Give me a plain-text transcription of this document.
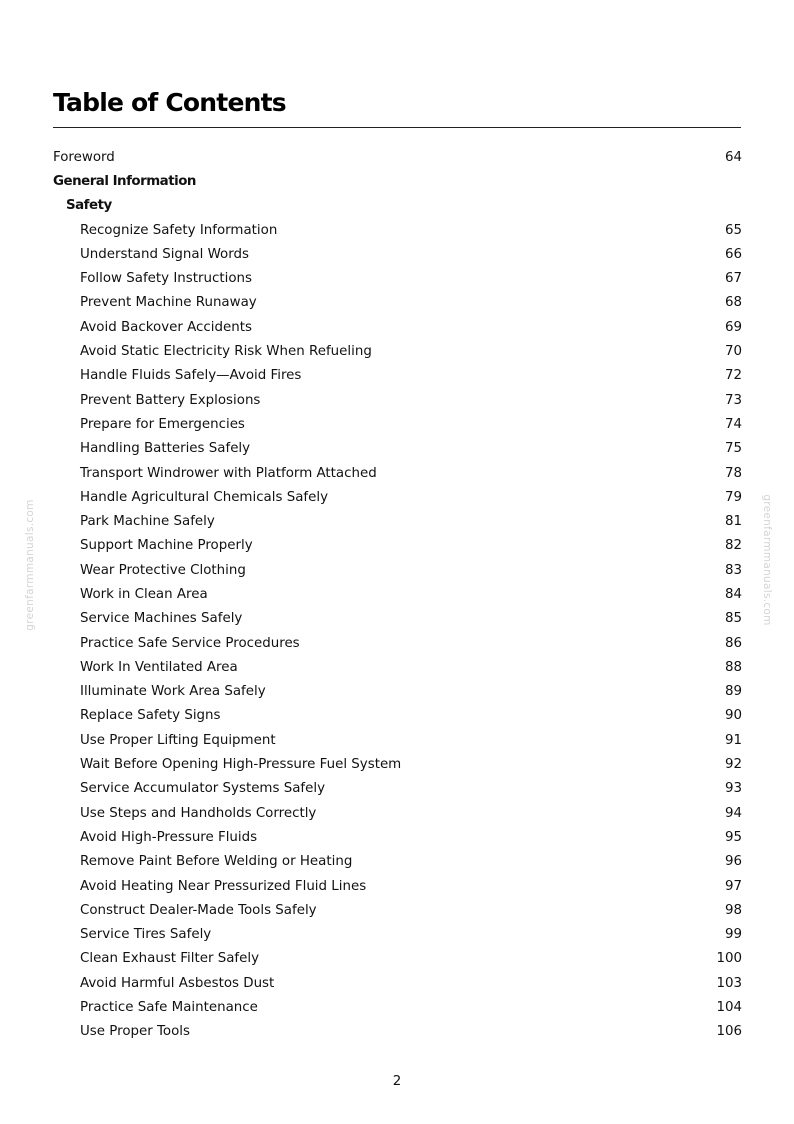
Table of Contents
Foreword	64
General Information
Safety
Recognize Safety Information	65
Understand Signal Words	66
Follow Safety Instructions	67
Prevent Machine Runaway	68
Avoid Backover Accidents	69
Avoid Static Electricity Risk When Refueling	70
Handle Fluids Safely—Avoid Fires	72
Prevent Battery Explosions	73
Prepare for Emergencies	74
Handling Batteries Safely	75
Transport Windrower with Platform Attached	78
Handle Agricultural Chemicals Safely	79
Park Machine Safely	81
Support Machine Properly	82
Wear Protective Clothing	83
Work in Clean Area	84
Service Machines Safely	85
Practice Safe Service Procedures	86
Work In Ventilated Area	88
Illuminate Work Area Safely	89
Replace Safety Signs	90
Use Proper Lifting Equipment	91
Wait Before Opening High-Pressure Fuel System	92
Service Accumulator Systems Safely	93
Use Steps and Handholds Correctly	94
Avoid High-Pressure Fluids	95
Remove Paint Before Welding or Heating	96
Avoid Heating Near Pressurized Fluid Lines	97
Construct Dealer-Made Tools Safely	98
Service Tires Safely	99
Clean Exhaust Filter Safely	100
Avoid Harmful Asbestos Dust	103
Practice Safe Maintenance	104
Use Proper Tools	106
greenfarmmanuals.com	greenfarmmanuals.com
2
